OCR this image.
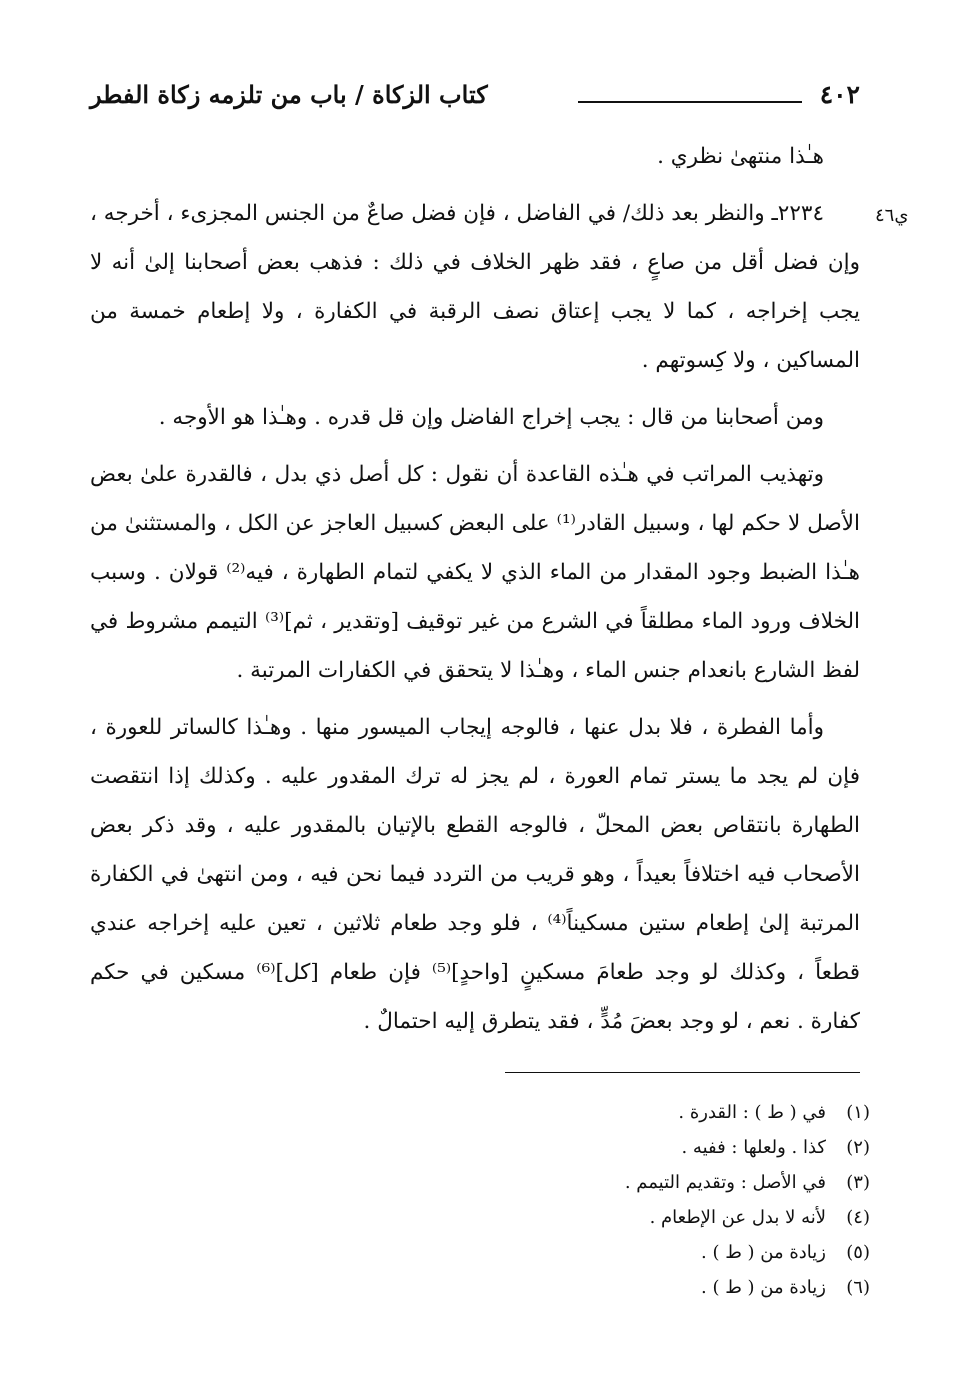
٤٠٢
كتاب الزكاة / باب من تلزمه زكاة الفطر
ي٤٦

هـٰذا منتهىٰ نظري .

٢٢٣٤ـ والنظر بعد ذلك/ في الفاضل ، فإن فضل صاعٌ من الجنس المجزىء ، أخرجه ، وإن فضل أقل من صاعٍ ، فقد ظهر الخلاف في ذلك : فذهب بعض أصحابنا إلىٰ أنه لا يجب إخراجه ، كما لا يجب إعتاق نصف الرقبة في الكفارة ، ولا إطعام خمسة من المساكين ، ولا كِسوتهم .

ومن أصحابنا من قال : يجب إخراج الفاضل وإن قل قدره . وهـٰذا هو الأوجه .

وتهذيب المراتب في هـٰذه القاعدة أن نقول : كل أصل ذي بدل ، فالقدرة علىٰ بعض الأصل لا حكم لها ، وسبيل القادر⁽¹⁾ على البعض كسبيل العاجز عن الكل ، والمستثنىٰ من هـٰذا الضبط وجود المقدار من الماء الذي لا يكفي لتمام الطهارة ، فيه⁽²⁾ قولان . وسبب الخلاف ورود الماء مطلقاً في الشرع من غير توقيف [وتقدير ، ثم]⁽³⁾ التيمم مشروط في لفظ الشارع بانعدام جنس الماء ، وهـٰذا لا يتحقق في الكفارات المرتبة .

وأما الفطرة ، فلا بدل عنها ، فالوجه إيجاب الميسور منها . وهـٰذا كالساتر للعورة ، فإن لم يجد ما يستر تمام العورة ، لم يجز له ترك المقدور عليه . وكذلك إذا انتقصت الطهارة بانتقاص بعض المحلّ ، فالوجه القطع بالإتيان بالمقدور عليه ، وقد ذكر بعض الأصحاب فيه اختلافاً بعيداً ، وهو قريب من التردد فيما نحن فيه ، ومن انتهىٰ في الكفارة المرتبة إلىٰ إطعام ستين مسكيناً⁽⁴⁾ ، فلو وجد طعام ثلاثين ، تعين عليه إخراجه عندي قطعاً ، وكذلك لو وجد طعامَ مسكينٍ [واحدٍ]⁽⁵⁾ فإن طعام [كل]⁽⁶⁾ مسكين في حكم كفارة . نعم ، لو وجد بعضَ مُدٍّ ، فقد يتطرق إليه احتمالٌ .

(١)في ( ط ) : القدرة .
(٢)كذا . ولعلها : ففيه .
(٣)في الأصل : وتقديم التيمم .
(٤)لأنه لا بدل عن الإطعام .
(٥)زيادة من ( ط ) .
(٦)زيادة من ( ط ) .
